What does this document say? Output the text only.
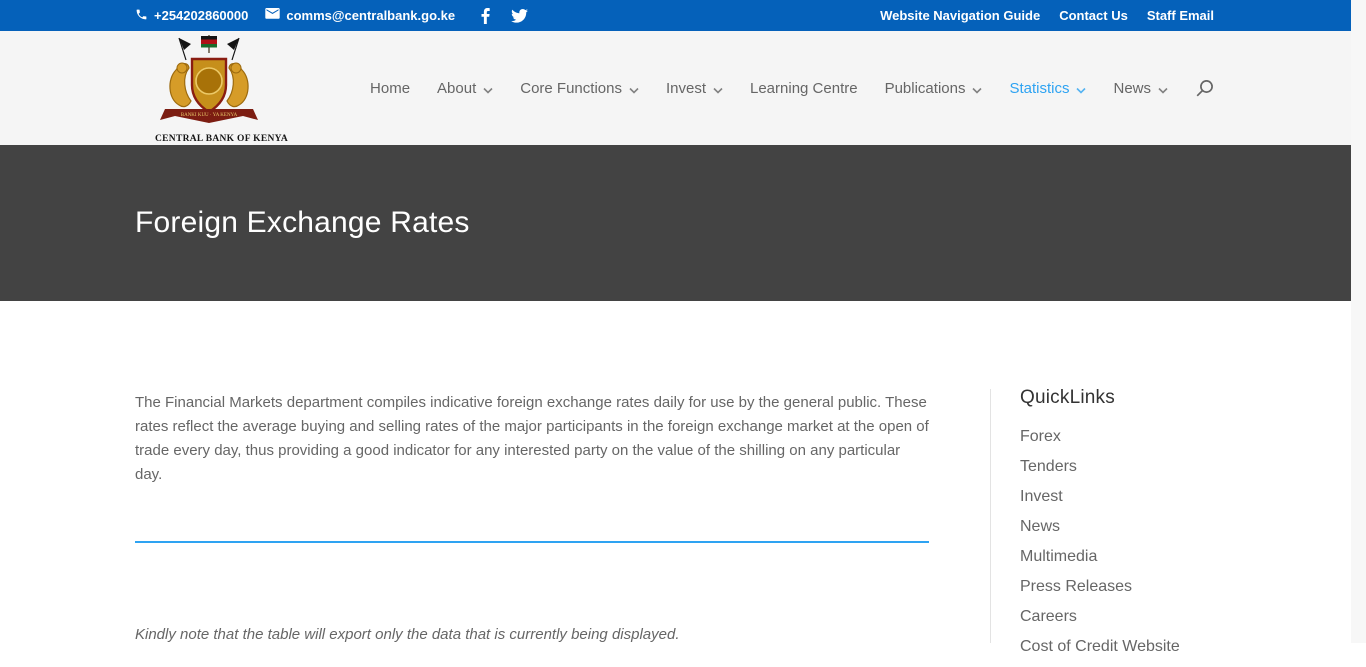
+254202860000	comms@centralbank.go.ke	Website Navigation Guide Contact Us Staff Email
BANKI KUU · YA KENYA
CENTRAL BANK OF KENYA
Home About	Core Functions	Invest	Learning Centre Publications	Statistics	News
Foreign Exchange Rates

The Financial Markets department compiles indicative foreign exchange rates daily for use by the general public. These rates reflect the average buying and selling rates of the major participants in the foreign exchange market at the open of trade every day, thus providing a good indicator for any interested party on the value of the shilling on any particular day.

Kindly note that the table will export only the data that is currently being displayed.

QuickLinks
Forex
Tenders
Invest
News
Multimedia
Press Releases
Careers
Cost of Credit Website
